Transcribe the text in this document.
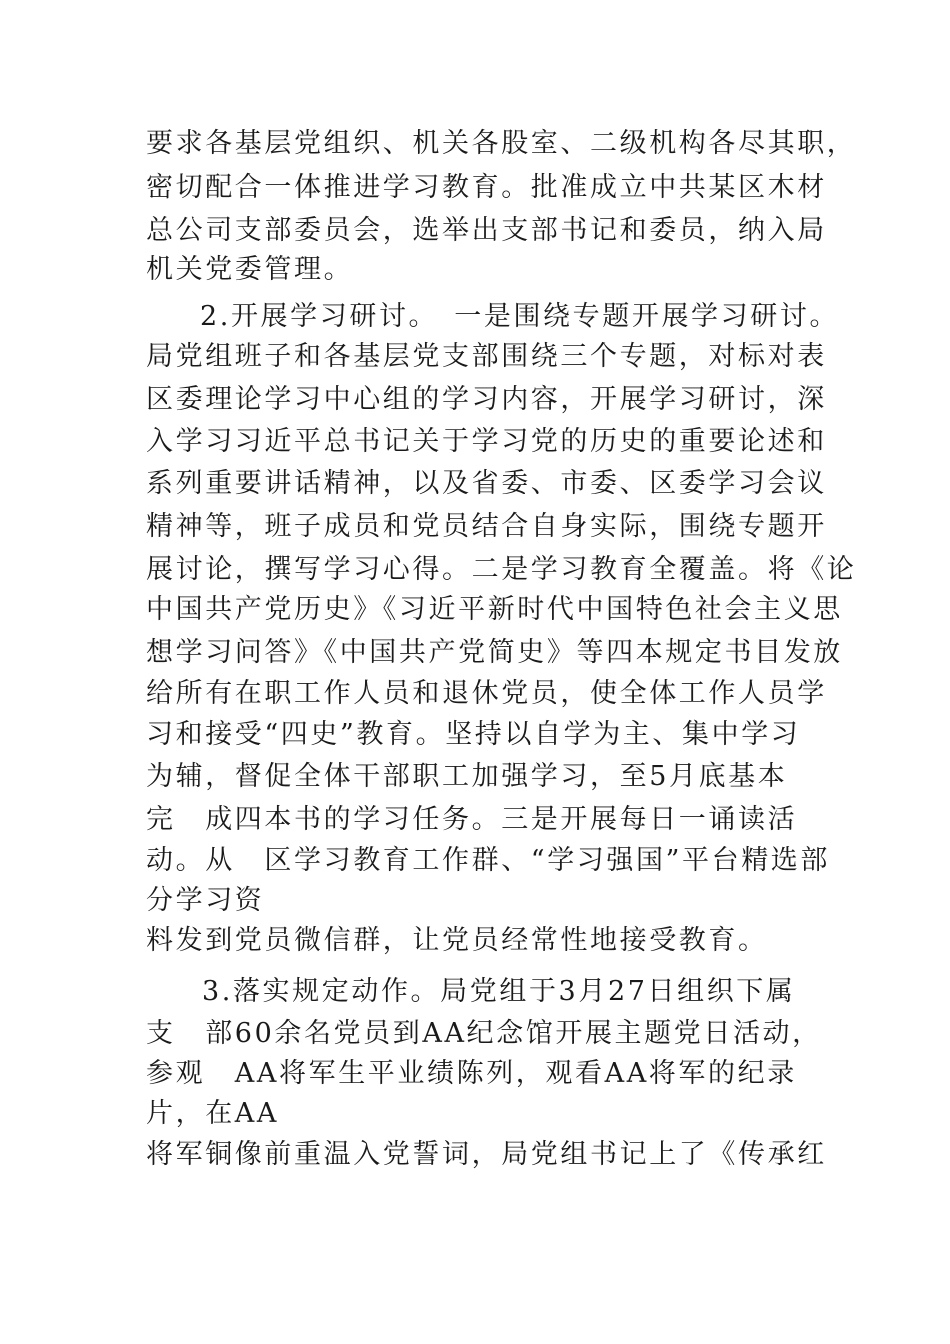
要求各基层党组织、机关各股室、二级机构各尽其职，
密切配合一体推进学习教育。批准成立中共某区木材
总公司支部委员会，选举出支部书记和委员，纳入局
机关党委管理。
2.开展学习研讨。　一是围绕专题开展学习研讨。
局党组班子和各基层党支部围绕三个专题，对标对表
区委理论学习中心组的学习内容，开展学习研讨，深
入学习习近平总书记关于学习党的历史的重要论述和
系列重要讲话精神，以及省委、市委、区委学习会议
精神等，班子成员和党员结合自身实际，围绕专题开
展讨论，撰写学习心得。二是学习教育全覆盖。将《论
中国共产党历史》《习近平新时代中国特色社会主义思
想学习问答》《中国共产党简史》等四本规定书目发放
给所有在职工作人员和退休党员，使全体工作人员学
习和接受“四史”教育。坚持以自学为主、集中学习
为辅，督促全体干部职工加强学习，至5月底基本
完　成四本书的学习任务。三是开展每日一诵读活
动。从　区学习教育工作群、“学习强国”平台精选部
分学习资
料发到党员微信群，让党员经常性地接受教育。
3.落实规定动作。局党组于3月27日组织下属
支　部60余名党员到AA纪念馆开展主题党日活动，
参观　AA将军生平业绩陈列，观看AA将军的纪录
片，在AA
将军铜像前重温入党誓词，局党组书记上了《传承红
